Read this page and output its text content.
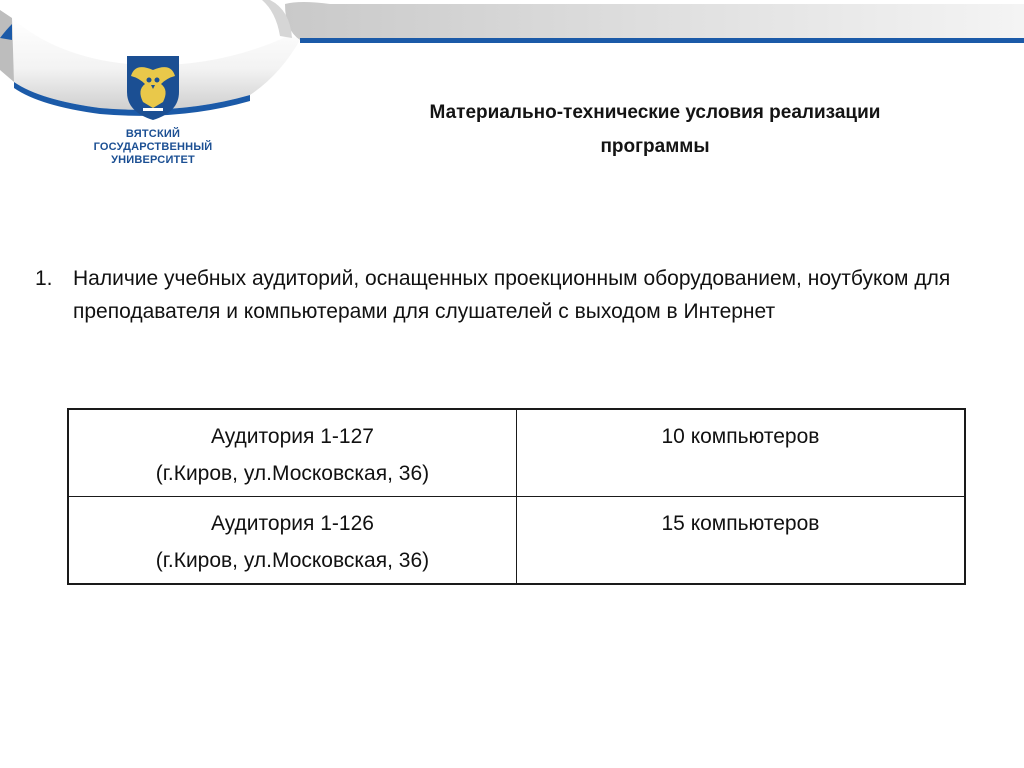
ВЯТСКИЙ
ГОСУДАРСТВЕННЫЙ
УНИВЕРСИТЕТ
Материально-технические условия реализации
программы
1. Наличие учебных аудиторий, оснащенных проекционным оборудованием, ноутбуком для преподавателя и компьютерами для слушателей с выходом в Интернет
Аудитория 1-127
(г.Киров, ул.Московская, 36)	10 компьютеров

Аудитория 1-126
(г.Киров, ул.Московская, 36)	15 компьютеров
